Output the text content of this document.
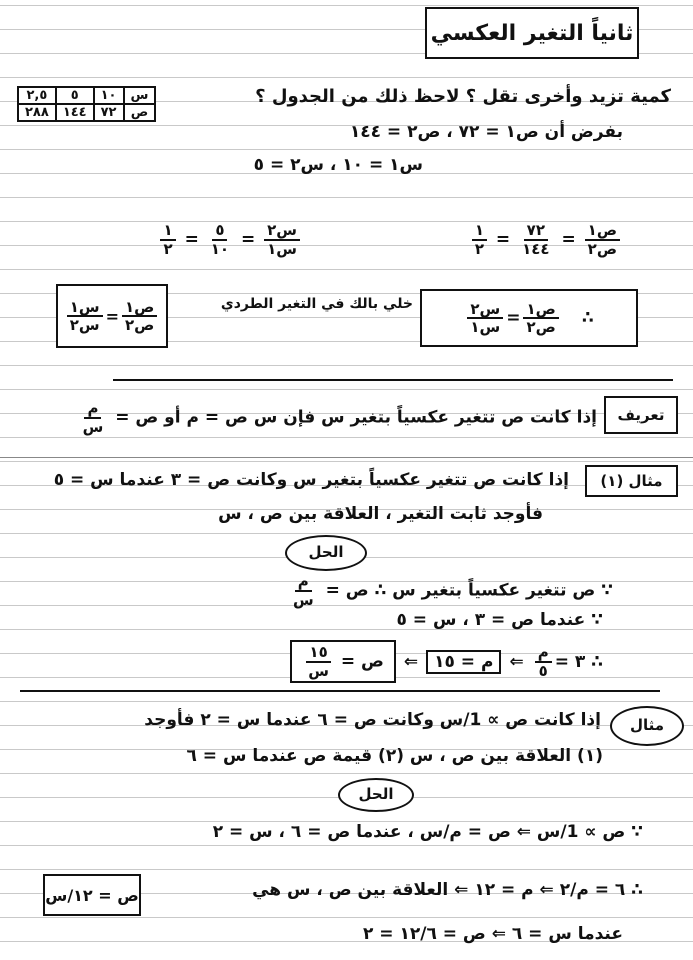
ثانياً التغير العكسي
٢,٥	٥	١٠	س
٢٨٨	١٤٤	٧٢	ص
كمية تزيد وأخرى تقل ؟ لاحظ ذلك من الجدول ؟
بفرض أن ص١ = ٧٢ ، ص٢ = ١٤٤
س١ = ١٠ ، س٢ = ٥
$\frac{\text{ص١}}{\text{ص٢}}$
=
$\frac{٧٢}{١٤٤}$
=
$\frac{١}{٢}$
$\frac{\text{س٢}}{\text{س١}}$
=
$\frac{٥}{١٠}$
=
$\frac{١}{٢}$
∴
$\frac{\text{ص١}}{\text{ص٢}}$
=
$\frac{\text{س٢}}{\text{س١}}$
خلي بالك في التغير الطردي
$\frac{\text{ص١}}{\text{ص٢}}$
=
$\frac{\text{س١}}{\text{س٢}}$
تعريف
إذا كانت ص تتغير عكسياً بتغير س فإن س ص = م أو ص =
$\frac{\text{م}}{\text{س}}$
مثال (١)
إذا كانت ص تتغير عكسياً بتغير س وكانت ص = ٣ عندما س = ٥
فأوجد ثابت التغير ، العلاقة بين ص ، س
الحل
∵ ص تتغير عكسياً بتغير س ∴ ص =
$\frac{\text{م}}{\text{س}}$
∵ عندما ص = ٣ ، س = ٥
∴ ٣ =
$\frac{\text{م}}{٥}$
⇐
م = ١٥
⇐
ص =
$\frac{١٥}{\text{س}}$
مثال
إذا كانت ص ∝ 1/س وكانت ص = ٦ عندما س = ٢ فأوجد
(١) العلاقة بين ص ، س (٢) قيمة ص عندما س = ٦
الحل
∵ ص ∝ 1/س ⇐ ص = م/س ، عندما ص = ٦ ، س = ٢
∴ ٦ = م/٢ ⇐ م = ١٢ ⇐ العلاقة بين ص ، س هي
ص = ١٢/س
عندما س = ٦ ⇐ ص = ١٢/٦ = ٢
